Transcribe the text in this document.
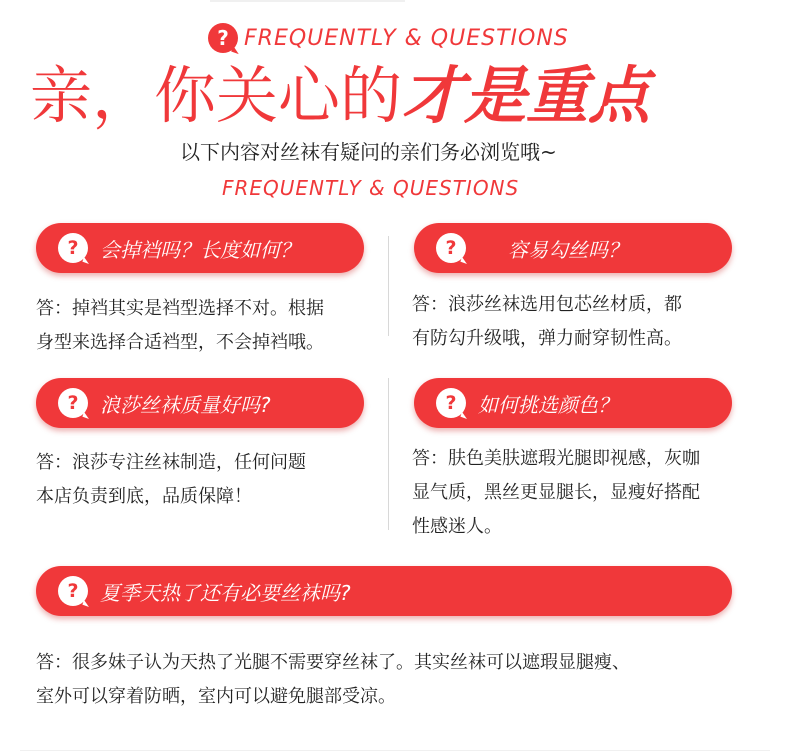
? FREQUENTLY & QUESTIONS
亲，你关心的才是重点
以下内容对丝袜有疑问的亲们务必浏览哦~
FREQUENTLY & QUESTIONS
?	会掉裆吗？长度如何？
答：掉裆其实是裆型选择不对。根据
身型来选择合适裆型，不会掉裆哦。
?	容易勾丝吗？
答：浪莎丝袜选用包芯丝材质，都
有防勾升级哦，弹力耐穿韧性高。
?	浪莎丝袜质量好吗?
答：浪莎专注丝袜制造，任何问题
本店负责到底，品质保障！
?	如何挑选颜色？
答：肤色美肤遮瑕光腿即视感，灰咖
显气质，黑丝更显腿长，显瘦好搭配
性感迷人。
?	夏季天热了还有必要丝袜吗?
答：很多妹子认为天热了光腿不需要穿丝袜了。其实丝袜可以遮瑕显腿瘦、
室外可以穿着防晒，室内可以避免腿部受凉。
